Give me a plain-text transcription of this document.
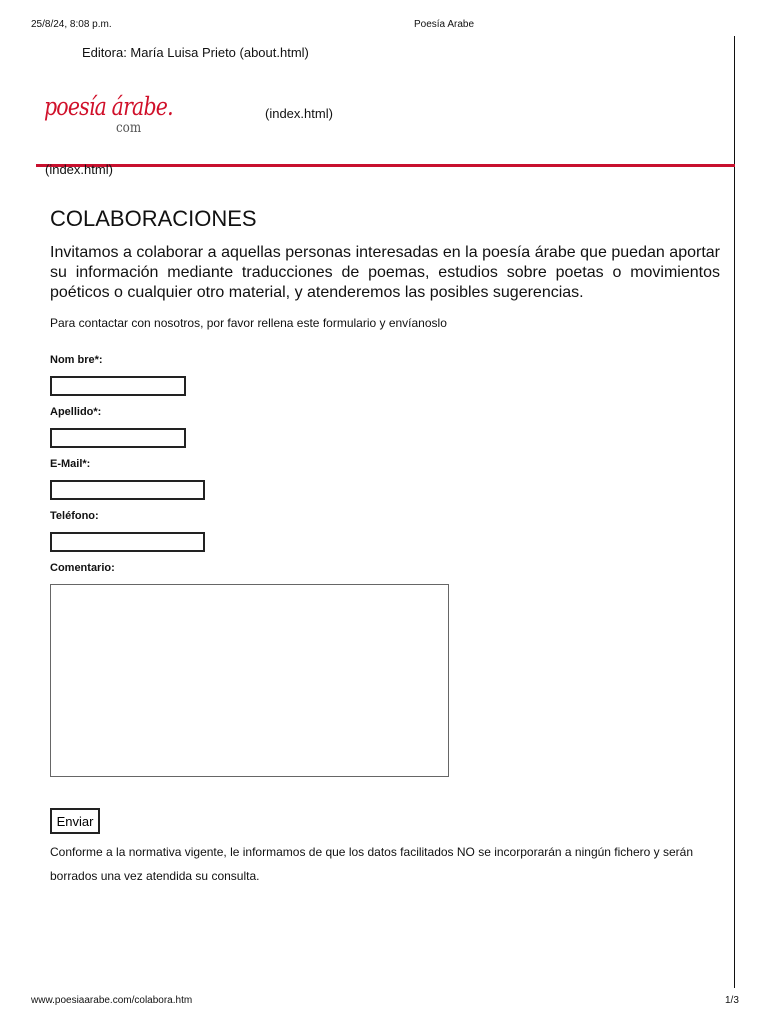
25/8/24, 8:08 p.m.	Poesía Arabe
Editora: María Luisa Prieto (about.html)
poesía árabe.
com
(index.html)
(index.html)
COLABORACIONES
Invitamos a colaborar a aquellas personas interesadas en la poesía árabe que puedan aportar su información mediante traducciones de poemas, estudios sobre poetas o movimientos poéticos o cualquier otro material, y atenderemos las posibles sugerencias.
Para contactar con nosotros, por favor rellena este formulario y envíanoslo
Nom bre*:
Apellido*:
E-Mail*:
Teléfono:
Comentario:
Enviar
Conforme a la normativa vigente, le informamos de que los datos facilitados NO se incorporarán a ningún fichero y serán borrados una vez atendida su consulta.
www.poesiaarabe.com/colabora.htm	1/3
